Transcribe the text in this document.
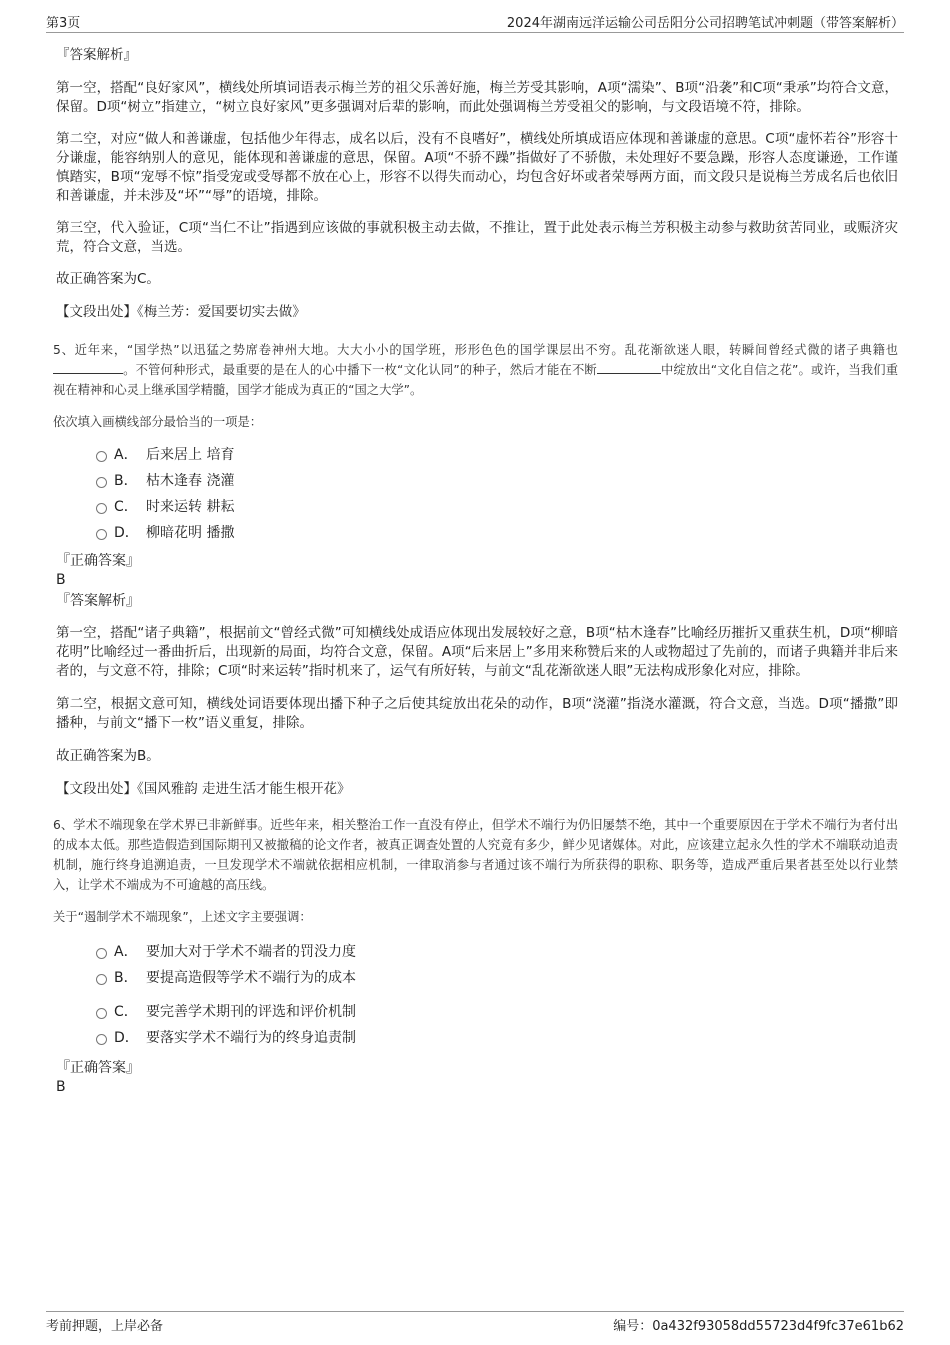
第3页	2024年湖南远洋运输公司岳阳分公司招聘笔试冲刺题（带答案解析）

『答案解析』

第一空，搭配“良好家风”，横线处所填词语表示梅兰芳的祖父乐善好施，梅兰芳受其影响，A项“濡染”、B项“沿袭”和C项“秉承”均符合文意，保留。D项“树立”指建立，“树立良好家风”更多强调对后辈的影响，而此处强调梅兰芳受祖父的影响，与文段语境不符，排除。

第二空，对应“做人和善谦虚，包括他少年得志，成名以后，没有不良嗜好”，横线处所填成语应体现和善谦虚的意思。C项“虚怀若谷”形容十分谦虚，能容纳别人的意见，能体现和善谦虚的意思，保留。A项“不骄不躁”指做好了不骄傲，未处理好不要急躁，形容人态度谦逊，工作谨慎踏实，B项“宠辱不惊”指受宠或受辱都不放在心上，形容不以得失而动心，均包含好坏或者荣辱两方面，而文段只是说梅兰芳成名后也依旧和善谦虚，并未涉及“坏”“辱”的语境，排除。

第三空，代入验证，C项“当仁不让”指遇到应该做的事就积极主动去做，不推让，置于此处表示梅兰芳积极主动参与救助贫苦同业，或赈济灾荒，符合文意，当选。

故正确答案为C。

【文段出处】《梅兰芳：爱国要切实去做》

5、近年来，“国学热”以迅猛之势席卷神州大地。大大小小的国学班，形形色色的国学课层出不穷。乱花渐欲迷人眼，转瞬间曾经式微的诸子典籍也。不管何种形式，最重要的是在人的心中播下一枚“文化认同”的种子，然后才能在不断	中绽放出“文化自信之花”。或许，当我们重视在精神和心灵上继承国学精髓，国学才能成为真正的“国之大学”。

依次填入画横线部分最恰当的一项是：

A． 后来居上 培育
B． 枯木逢春 浇灌
C． 时来运转 耕耘
D． 柳暗花明 播撒

『正确答案』

B

『答案解析』

第一空，搭配“诸子典籍”，根据前文“曾经式微”可知横线处成语应体现出发展较好之意，B项“枯木逢春”比喻经历摧折又重获生机，D项“柳暗花明”比喻经过一番曲折后，出现新的局面，均符合文意，保留。A项“后来居上”多用来称赞后来的人或物超过了先前的，而诸子典籍并非后来者的，与文意不符，排除；C项“时来运转”指时机来了，运气有所好转，与前文“乱花渐欲迷人眼”无法构成形象化对应，排除。

第二空，根据文意可知，横线处词语要体现出播下种子之后使其绽放出花朵的动作，B项“浇灌”指浇水灌溉，符合文意，当选。D项“播撒”即播种，与前文“播下一枚”语义重复，排除。

故正确答案为B。

【文段出处】《国风雅韵 走进生活才能生根开花》

6、学术不端现象在学术界已非新鲜事。近些年来，相关整治工作一直没有停止，但学术不端行为仍旧屡禁不绝，其中一个重要原因在于学术不端行为者付出的成本太低。那些造假造到国际期刊又被撤稿的论文作者，被真正调查处置的人究竟有多少，鲜少见诸媒体。对此，应该建立起永久性的学术不端联动追责机制，施行终身追溯追责，一旦发现学术不端就依据相应机制，一律取消参与者通过该不端行为所获得的职称、职务等，造成严重后果者甚至处以行业禁入，让学术不端成为不可逾越的高压线。

关于“遏制学术不端现象”，上述文字主要强调：

A． 要加大对于学术不端者的罚没力度
B． 要提高造假等学术不端行为的成本
C． 要完善学术期刊的评选和评价机制
D． 要落实学术不端行为的终身追责制

『正确答案』

B

考前押题，上岸必备	编号：0a432f93058dd55723d4f9fc37e61b62
